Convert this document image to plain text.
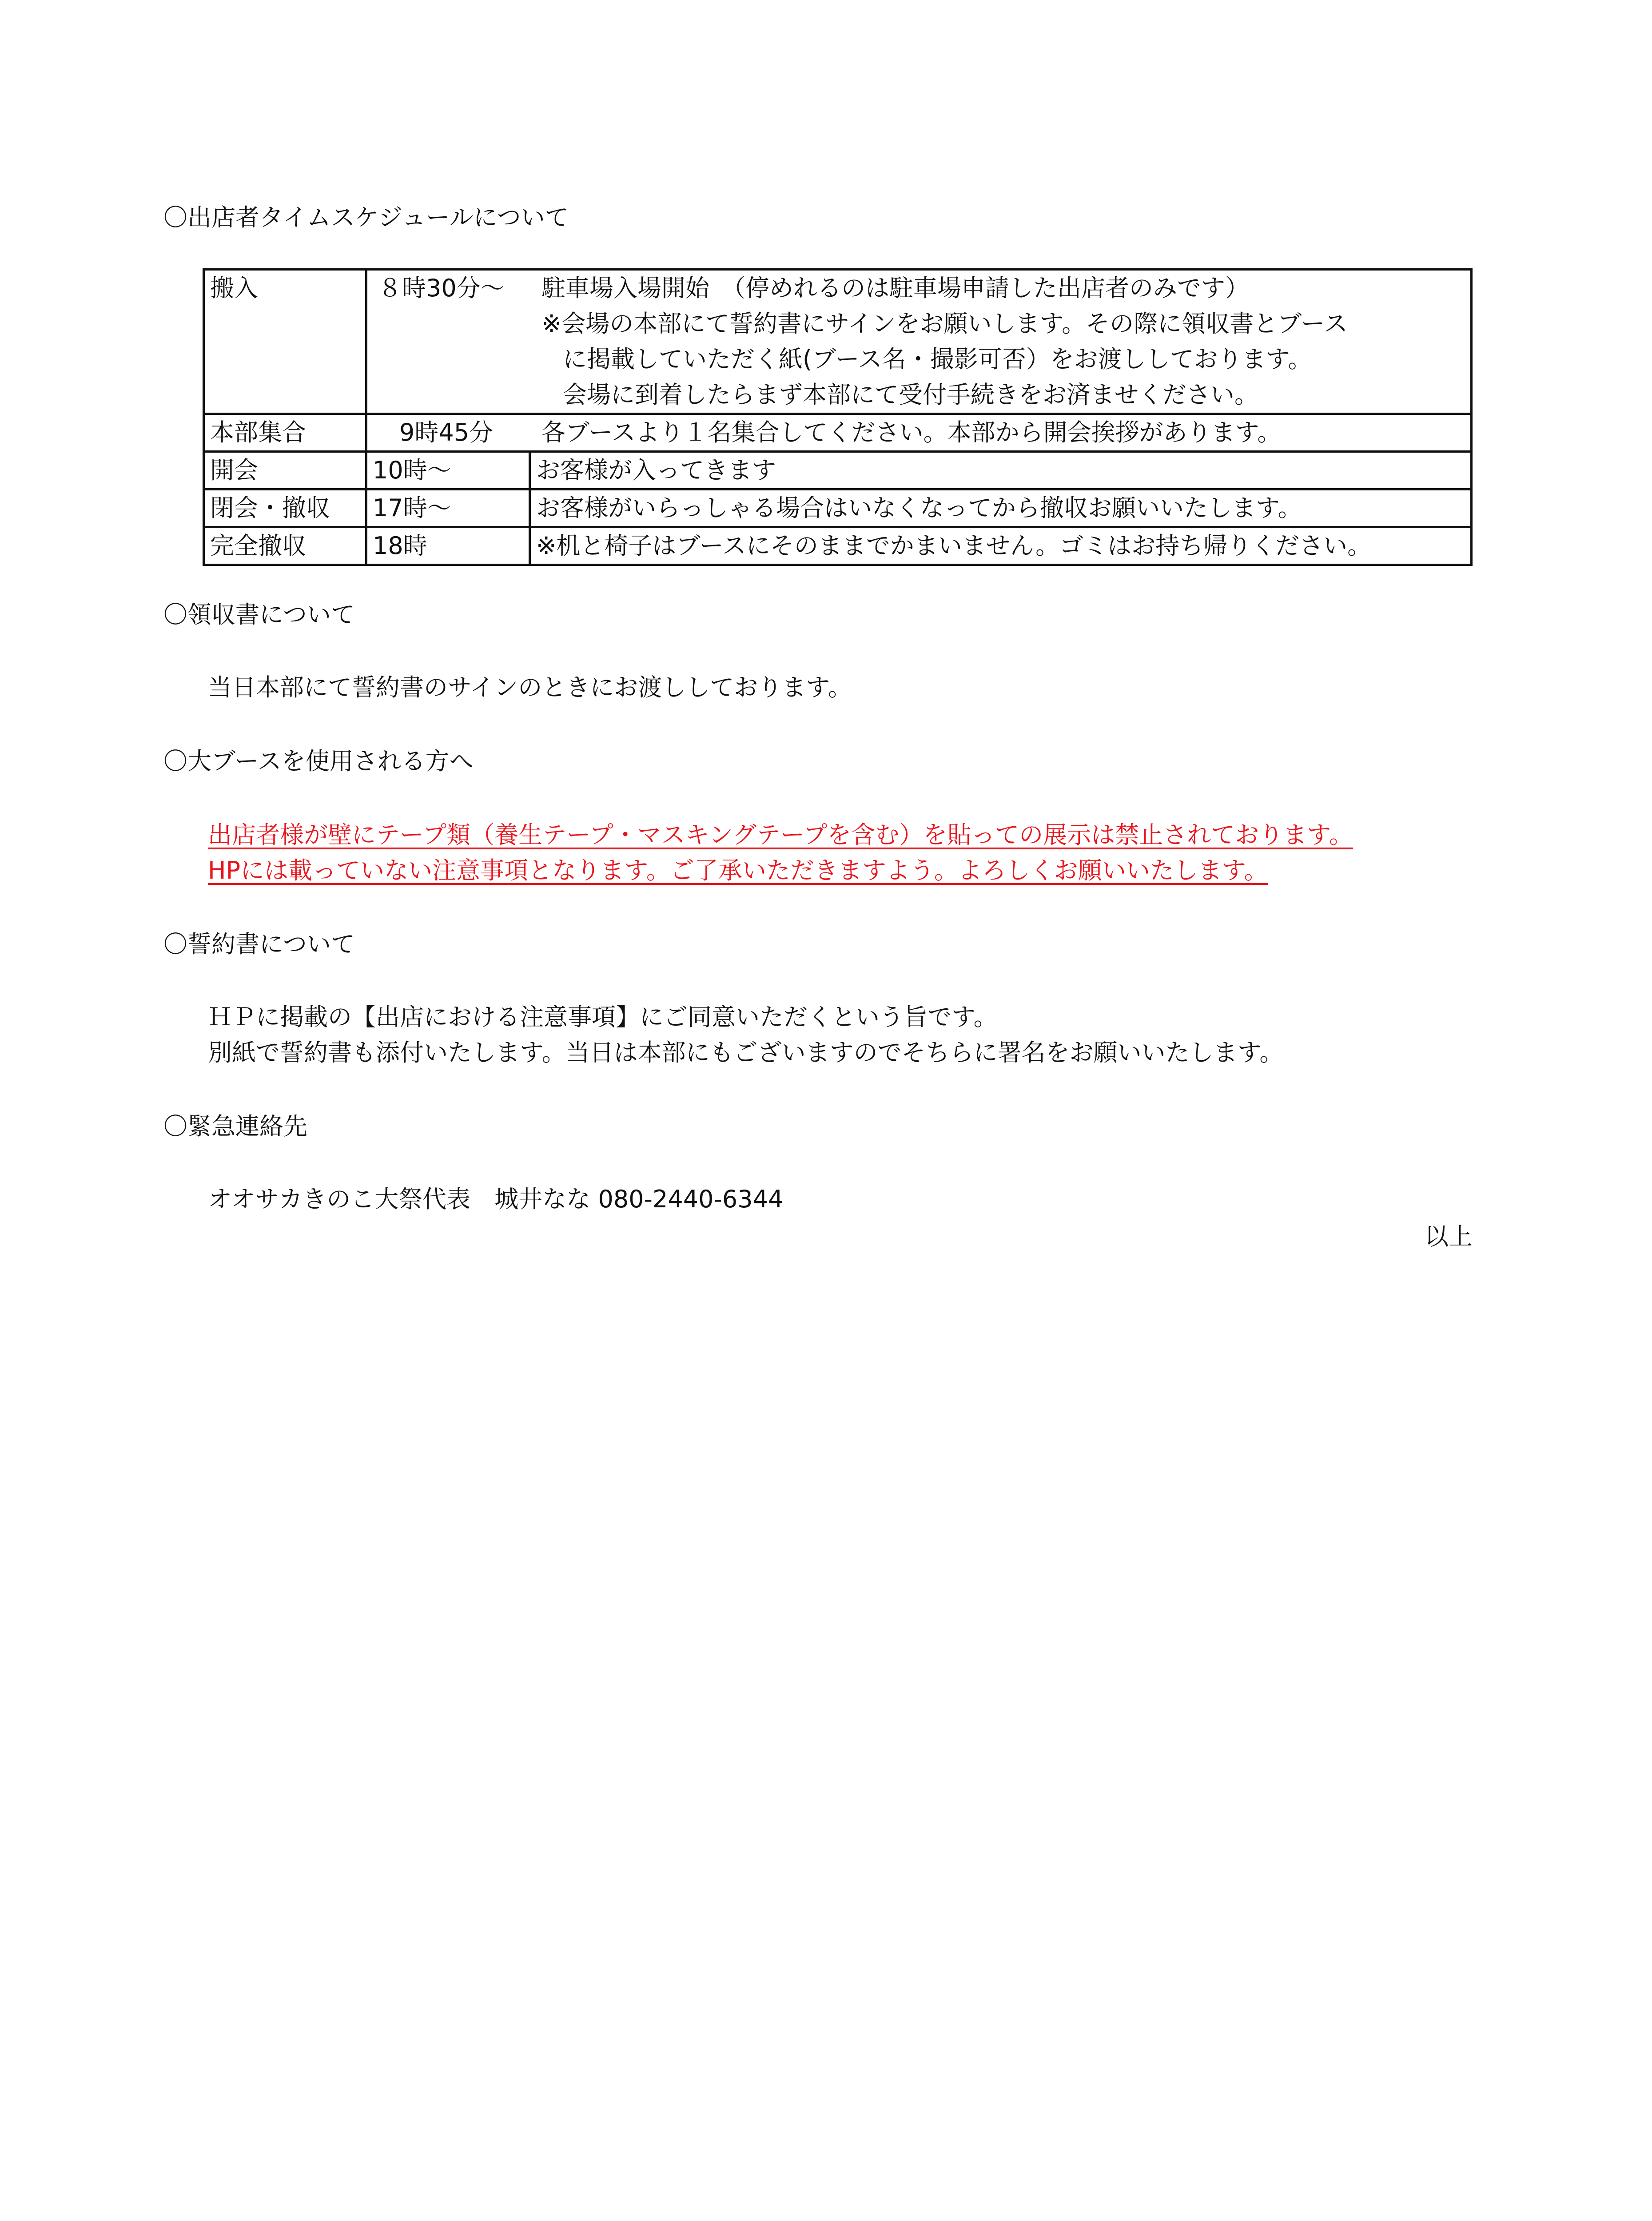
〇出店者タイムスケジュールについて
搬入	８時30分～ 駐車場入場開始　（停めれるのは駐車場申請した出店者のみです）
※会場の本部にて誓約書にサインをお願いします。その際に領収書とブース
に掲載していただく紙(ブース名・撮影可否）をお渡ししております。
会場に到着したらまず本部にて受付手続きをお済ませください。	

本部集合	9時45分 各ブースより１名集合してください。本部から開会挨拶があります。	

開会	10時～	お客様が入ってきます
閉会・撤収	17時～	お客様がいらっしゃる場合はいなくなってから撤収お願いいたします。
完全撤収	18時	※机と椅子はブースにそのままでかまいません。ゴミはお持ち帰りください。
〇領収書について
当日本部にて誓約書のサインのときにお渡ししております。
〇大ブースを使用される方へ
出店者様が壁にテープ類（養生テープ・マスキングテープを含む）を貼っての展示は禁止されております。
HPには載っていない注意事項となります。ご了承いただきますよう。よろしくお願いいたします。
〇誓約書について
ＨＰに掲載の【出店における注意事項】にご同意いただくという旨です。
別紙で誓約書も添付いたします。当日は本部にもございますのでそちらに署名をお願いいたします。
〇緊急連絡先
オオサカきのこ大祭代表　城井なな 080-2440-6344
以上
